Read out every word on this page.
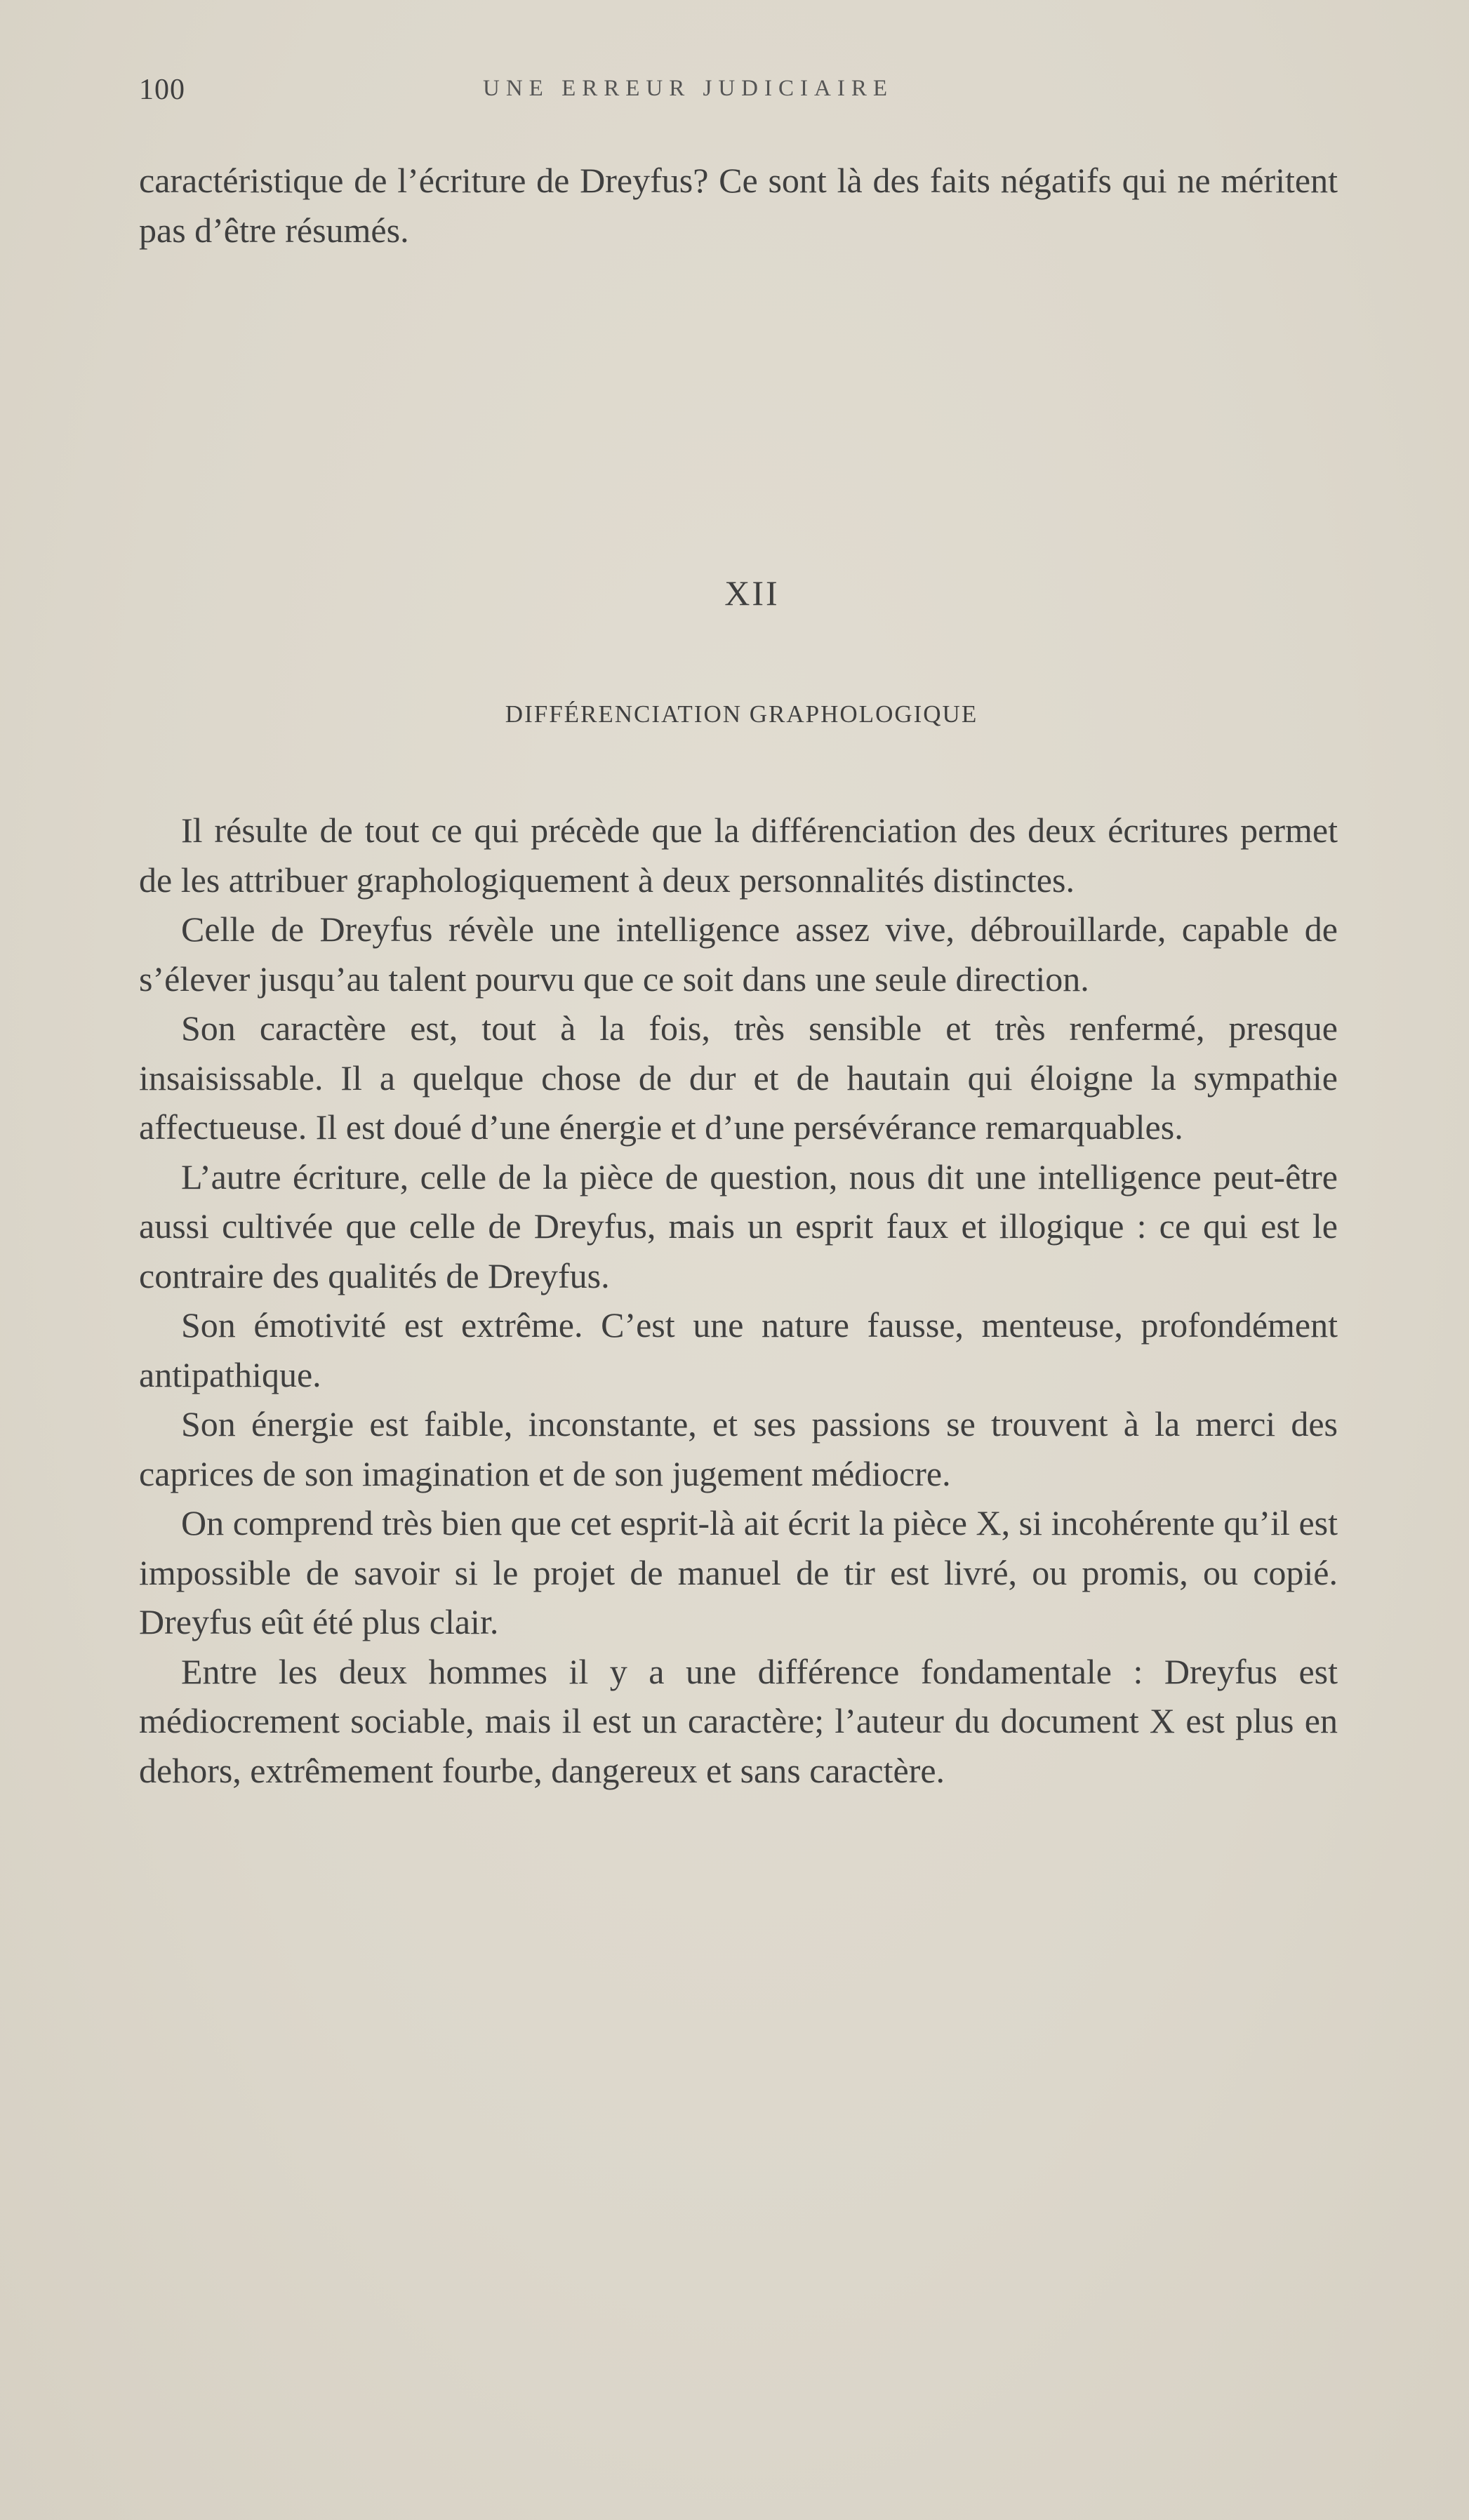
100	UNE ERREUR JUDICIAIRE

caractéristique de l’écriture de Dreyfus? Ce sont là des faits négatifs qui ne méritent pas d’être résumés.

XII
DIFFÉRENCIATION GRAPHOLOGIQUE

Il résulte de tout ce qui précède que la différenciation des deux écritures permet de les attribuer graphologiquement à deux personnalités distinctes.

Celle de Dreyfus révèle une intelligence assez vive, débrouillarde, capable de s’élever jusqu’au talent pourvu que ce soit dans une seule direction.

Son caractère est, tout à la fois, très sensible et très renfermé, presque insaisissable. Il a quelque chose de dur et de hautain qui éloigne la sympathie affectueuse. Il est doué d’une énergie et d’une persévérance remarquables.

L’autre écriture, celle de la pièce de question, nous dit une intelligence peut-être aussi cultivée que celle de Dreyfus, mais un esprit faux et illogique : ce qui est le contraire des qualités de Dreyfus.

Son émotivité est extrême. C’est une nature fausse, menteuse, profondément antipathique.

Son énergie est faible, inconstante, et ses passions se trouvent à la merci des caprices de son imagination et de son jugement médiocre.

On comprend très bien que cet esprit-là ait écrit la pièce X, si incohérente qu’il est impossible de savoir si le projet de manuel de tir est livré, ou promis, ou copié. Dreyfus eût été plus clair.

Entre les deux hommes il y a une différence fondamentale : Dreyfus est médiocrement sociable, mais il est un caractère; l’auteur du document X est plus en dehors, extrêmement fourbe, dangereux et sans caractère.
